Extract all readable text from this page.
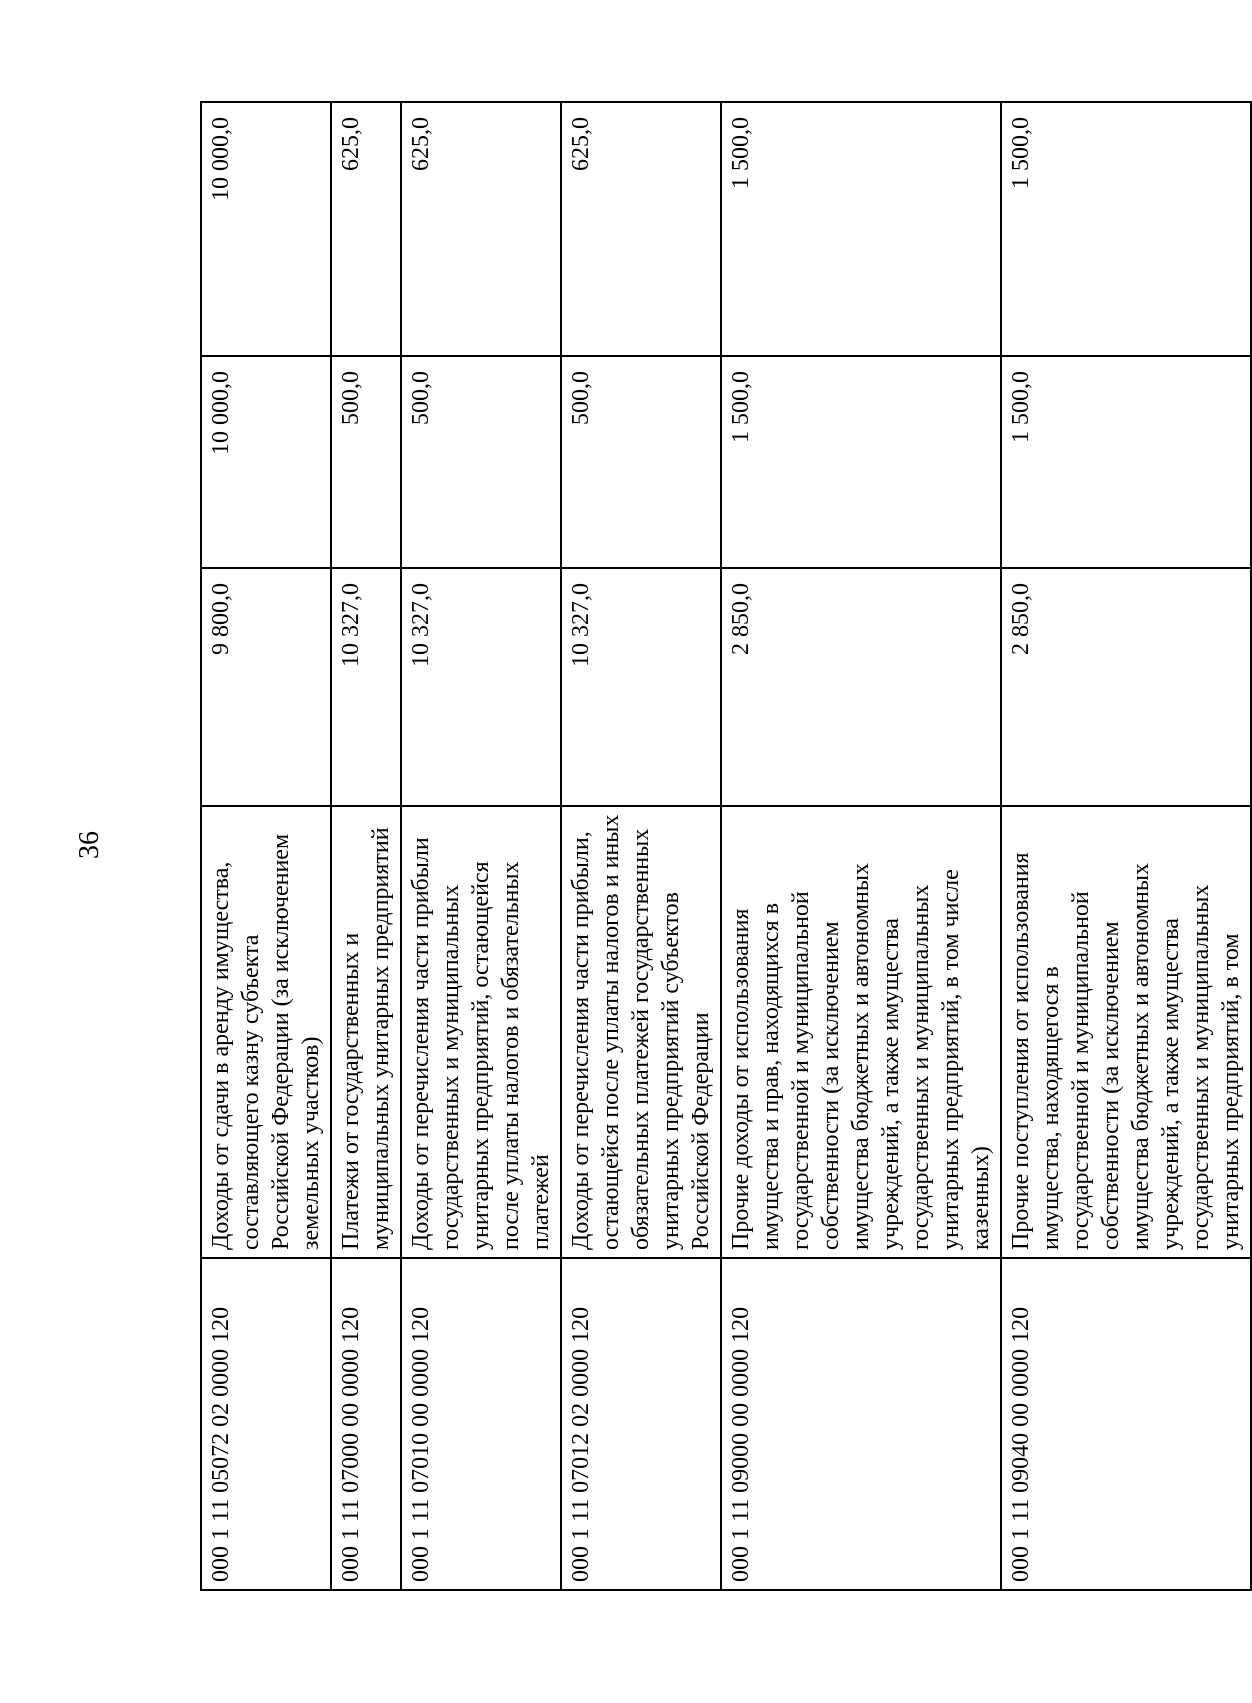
36
000 1 11 05072 02 0000 120	Доходы от сдачи в аренду имущества, составляющего казну субъекта Российской Федерации (за исключением земельных участков)	9 800,0	10 000,0	10 000,0
000 1 11 07000 00 0000 120	Платежи от государственных и муниципальных унитарных предприятий	10 327,0	500,0	625,0
000 1 11 07010 00 0000 120	Доходы от перечисления части прибыли государственных и муниципальных унитарных предприятий, остающейся после уплаты налогов и обязательных платежей	10 327,0	500,0	625,0
000 1 11 07012 02 0000 120	Доходы от перечисления части прибыли, остающейся после уплаты налогов и иных обязательных платежей государственных унитарных предприятий субъектов Российской Федерации	10 327,0	500,0	625,0
000 1 11 09000 00 0000 120	Прочие доходы от использования имущества и прав, находящихся в государственной и муниципальной собственности (за исключением имущества бюджетных и автономных учреждений, а также имущества государственных и муниципальных унитарных предприятий, в том числе казенных)	2 850,0	1 500,0	1 500,0
000 1 11 09040 00 0000 120	Прочие поступления от использования имущества, находящегося в государственной и муниципальной собственности (за исключением имущества бюджетных и автономных учреждений, а также имущества государственных и муниципальных унитарных предприятий, в том	2 850,0	1 500,0	1 500,0
